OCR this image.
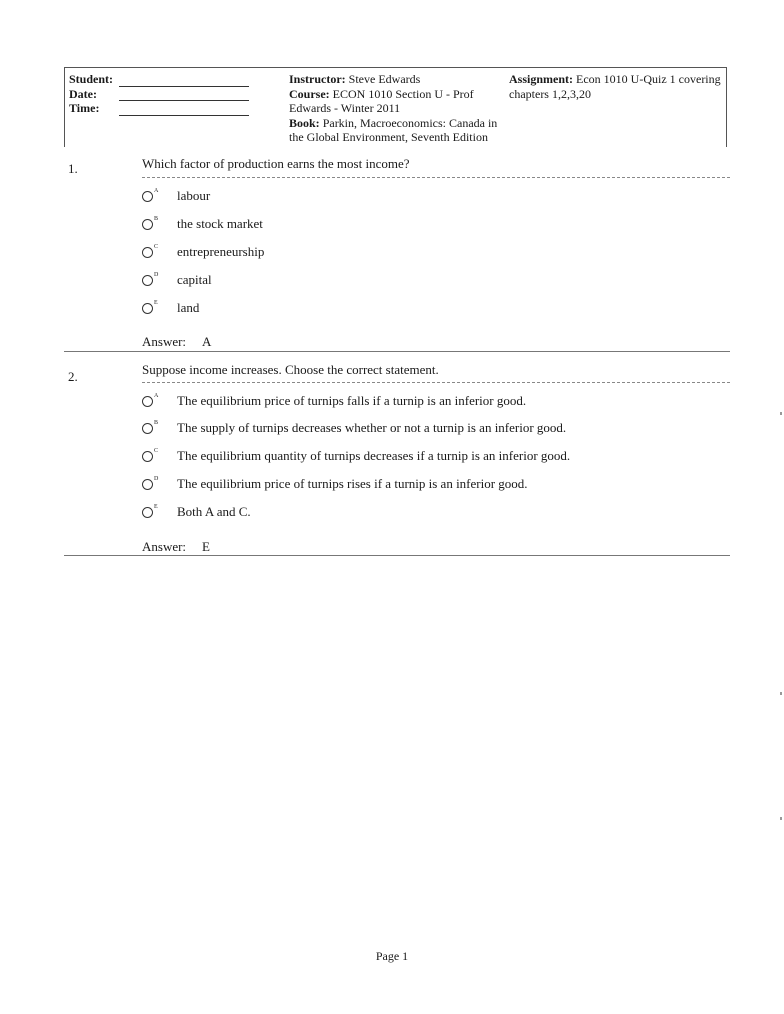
Student:
Date:
Time:
Instructor: Steve Edwards
Course: ECON 1010 Section U - Prof Edwards - Winter 2011
Book: Parkin, Macroeconomics: Canada in the Global Environment, Seventh Edition
Assignment: Econ 1010 U-Quiz 1 covering chapters 1,2,3,20
1.	Which factor of production earns the most income?
A	labour
B	the stock market
C	entrepreneurship
D	capital
E	land
Answer: A
2.	Suppose income increases. Choose the correct statement.
A	The equilibrium price of turnips falls if a turnip is an inferior good.
B	The supply of turnips decreases whether or not a turnip is an inferior good.
C	The equilibrium quantity of turnips decreases if a turnip is an inferior good.
D	The equilibrium price of turnips rises if a turnip is an inferior good.
E	Both A and C.
Answer: E
Page 1
